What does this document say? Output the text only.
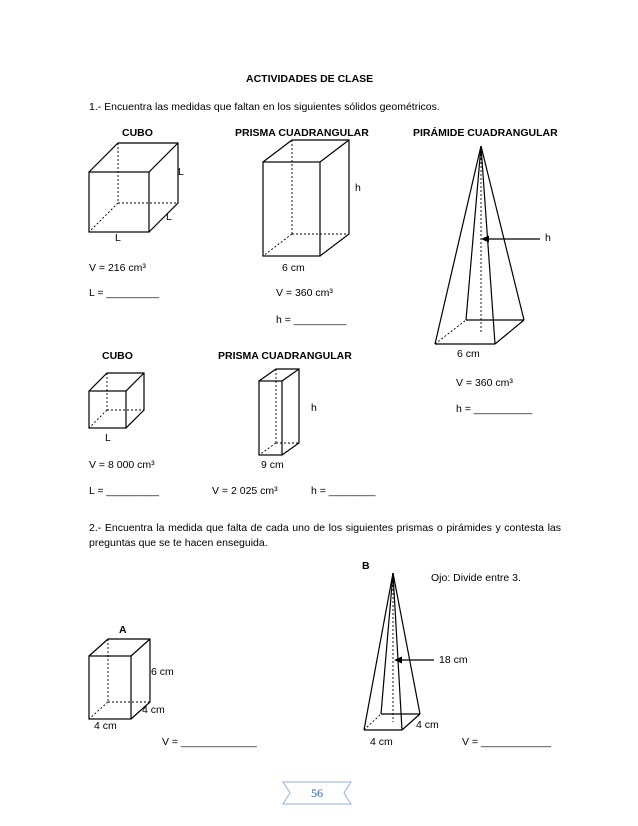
ACTIVIDADES DE CLASE
1.- Encuentra las medidas que faltan en los siguientes sólidos geométricos.
CUBO	PRISMA CUADRANGULAR	PIRÁMIDE CUADRANGULAR
L
L
L
V = 216 cm³
L = _________
h
6 cm
V = 360 cm³
h = _________
h
6 cm
V = 360 cm³
h = __________
CUBO	PRISMA CUADRANGULAR
L
V = 8 000 cm³
L = _________
h
9 cm
V = 2 025 cm³	h = ________
2.- Encuentra la medida que falta de cada uno de los siguientes prismas o pirámides y contesta las preguntas que se te hacen enseguida.
B
Ojo: Divide entre 3.
18 cm
4 cm
4 cm	V = ____________
A
6 cm
4 cm
4 cm
V = _____________
56
